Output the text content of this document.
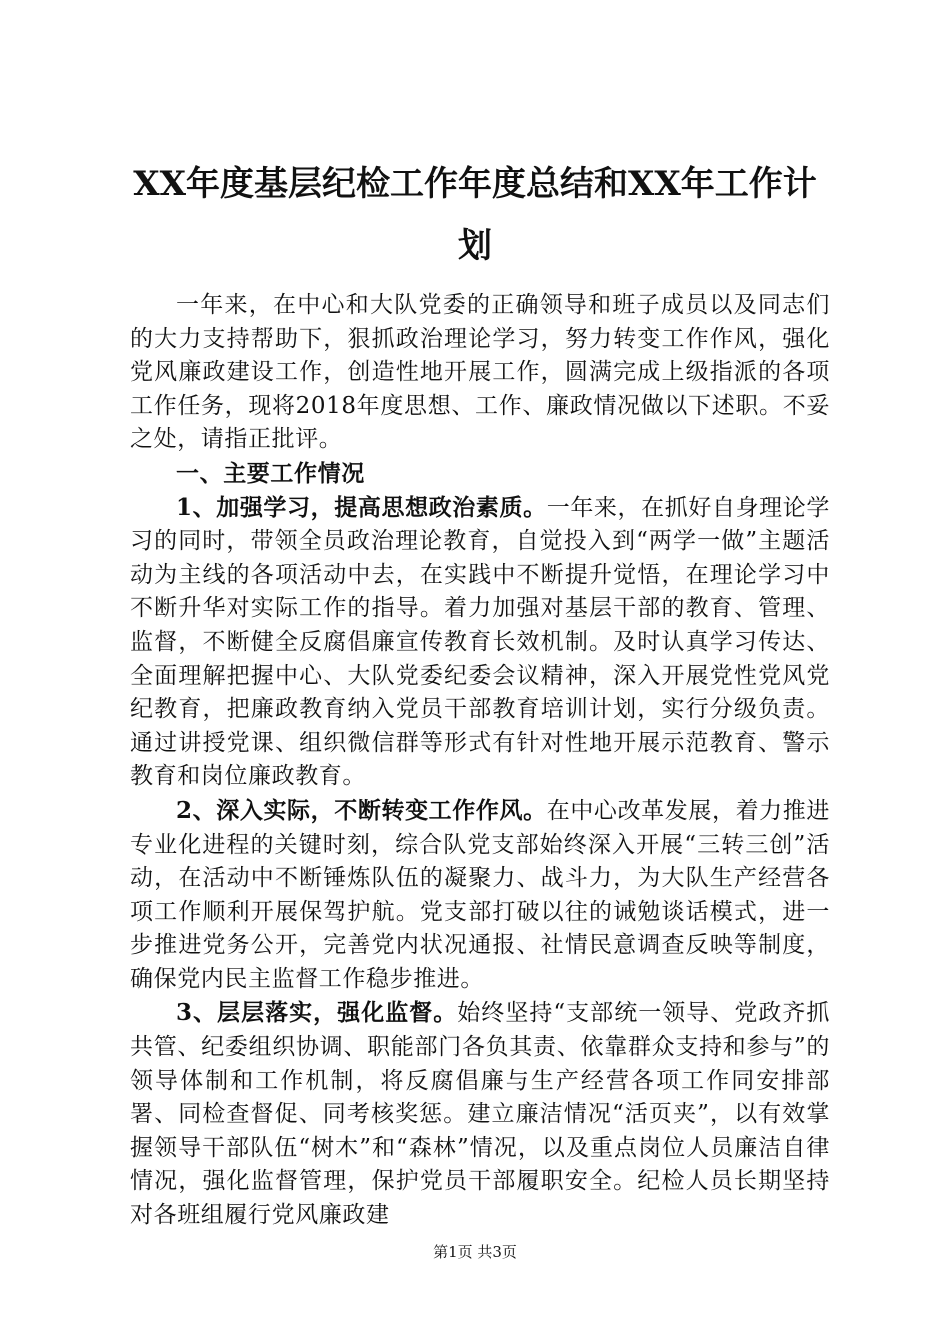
XX年度基层纪检工作年度总结和XX年工作计
划

一年来，在中心和大队党委的正确领导和班子成员以及同志们的大力支持帮助下，狠抓政治理论学习，努力转变工作作风，强化党风廉政建设工作，创造性地开展工作，圆满完成上级指派的各项工作任务，现将2018年度思想、工作、廉政情况做以下述职。不妥之处，请指正批评。

一、主要工作情况

1、加强学习，提高思想政治素质。一年来，在抓好自身理论学习的同时，带领全员政治理论教育，自觉投入到“两学一做”主题活动为主线的各项活动中去，在实践中不断提升觉悟，在理论学习中不断升华对实际工作的指导。着力加强对基层干部的教育、管理、监督，不断健全反腐倡廉宣传教育长效机制。及时认真学习传达、全面理解把握中心、大队党委纪委会议精神，深入开展党性党风党纪教育，把廉政教育纳入党员干部教育培训计划，实行分级负责。通过讲授党课、组织微信群等形式有针对性地开展示范教育、警示教育和岗位廉政教育。

2、深入实际，不断转变工作作风。在中心改革发展，着力推进专业化进程的关键时刻，综合队党支部始终深入开展“三转三创”活动，在活动中不断锤炼队伍的凝聚力、战斗力，为大队生产经营各项工作顺利开展保驾护航。党支部打破以往的诫勉谈话模式，进一步推进党务公开，完善党内状况通报、社情民意调查反映等制度，确保党内民主监督工作稳步推进。

3、层层落实，强化监督。始终坚持“支部统一领导、党政齐抓共管、纪委组织协调、职能部门各负其责、依靠群众支持和参与”的领导体制和工作机制，将反腐倡廉与生产经营各项工作同安排部署、同检查督促、同考核奖惩。建立廉洁情况“活页夹”，以有效掌握领导干部队伍“树木”和“森林”情况，以及重点岗位人员廉洁自律情况，强化监督管理，保护党员干部履职安全。纪检人员长期坚持对各班组履行党风廉政建

第1页 共3页
